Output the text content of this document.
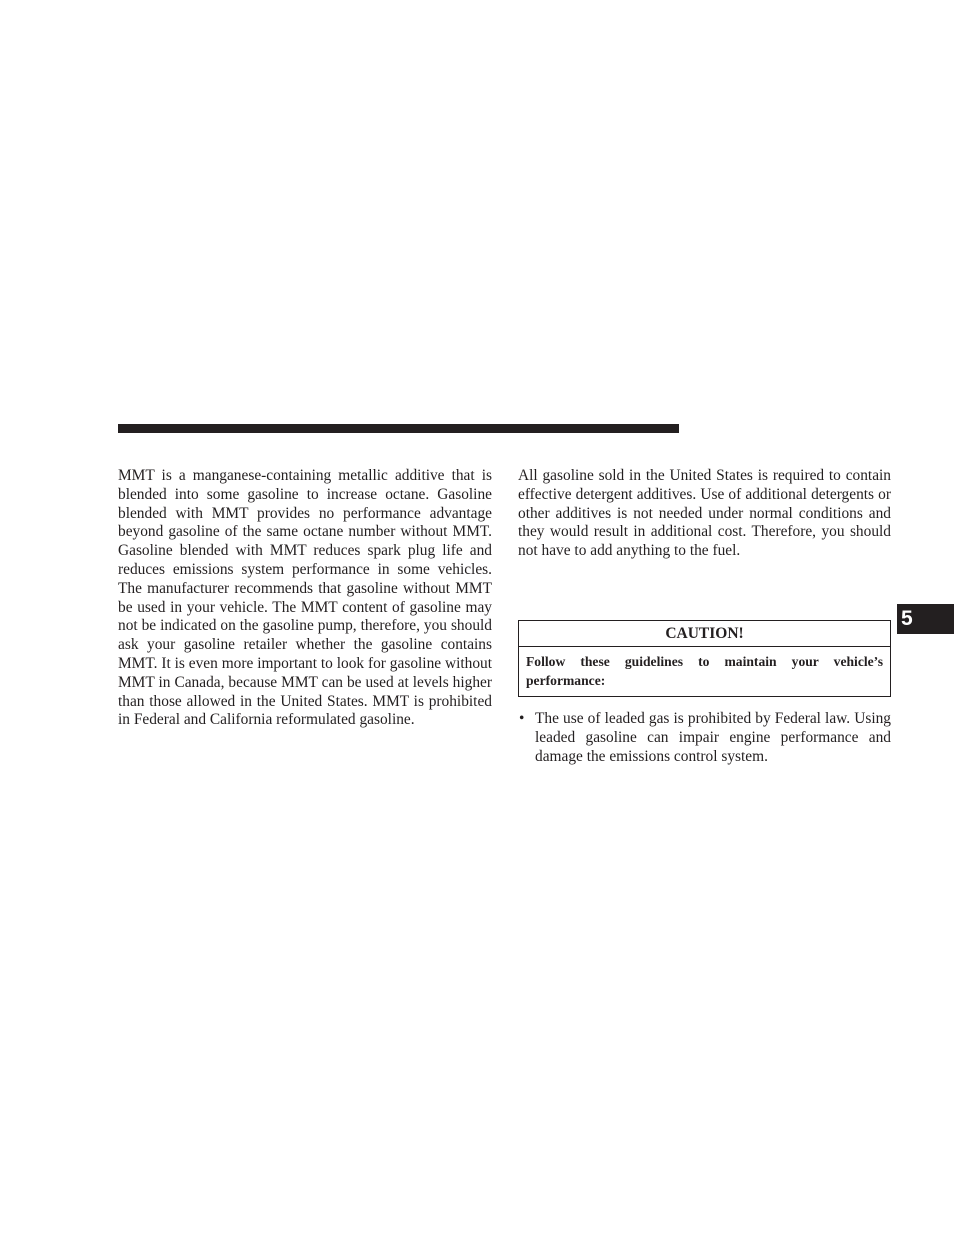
MMT is a manganese-containing metallic additive that is blended into some gasoline to increase octane. Gasoline blended with MMT provides no performance advantage beyond gasoline of the same octane number without MMT. Gasoline blended with MMT reduces spark plug life and reduces emissions system performance in some vehicles. The manufacturer recommends that gasoline without MMT be used in your vehicle. The MMT content of gasoline may not be indicated on the gasoline pump, therefore, you should ask your gasoline retailer whether the gasoline contains MMT. It is even more important to look for gasoline without MMT in Canada, because MMT can be used at levels higher than those allowed in the United States. MMT is prohibited in Federal and California reformulated gasoline.

All gasoline sold in the United States is required to contain effective detergent additives. Use of additional detergents or other additives is not needed under normal conditions and they would result in additional cost. Therefore, you should not have to add anything to the fuel.

CAUTION!
Follow these guidelines to maintain your vehicle’s performance:
• The use of leaded gas is prohibited by Federal law. Using leaded gasoline can impair engine performance and damage the emissions control system.
5
